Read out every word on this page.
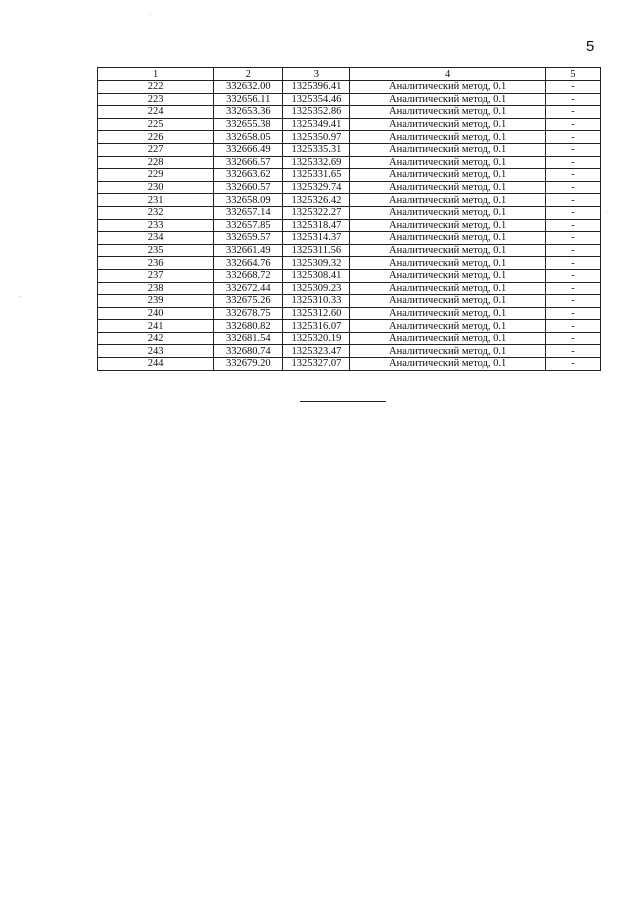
5
1	2	3	4	5
222	332632.00	1325396.41	Аналитический метод, 0.1	-
223	332656.11	1325354.46	Аналитический метод, 0.1	-
224	332653.36	1325352.86	Аналитический метод, 0.1	-
225	332655.38	1325349.41	Аналитический метод, 0.1	-
226	332658.05	1325350.97	Аналитический метод, 0.1	-
227	332666.49	1325335.31	Аналитический метод, 0.1	-
228	332666.57	1325332.69	Аналитический метод, 0.1	-
229	332663.62	1325331.65	Аналитический метод, 0.1	-
230	332660.57	1325329.74	Аналитический метод, 0.1	-
231	332658.09	1325326.42	Аналитический метод, 0.1	-
232	332657.14	1325322.27	Аналитический метод, 0.1	-
233	332657.85	1325318.47	Аналитический метод, 0.1	-
234	332659.57	1325314.37	Аналитический метод, 0.1	-
235	332661.49	1325311.56	Аналитический метод, 0.1	-
236	332664.76	1325309.32	Аналитический метод, 0.1	-
237	332668.72	1325308.41	Аналитический метод, 0.1	-
238	332672.44	1325309.23	Аналитический метод, 0.1	-
239	332675.26	1325310.33	Аналитический метод, 0.1	-
240	332678.75	1325312.60	Аналитический метод, 0.1	-
241	332680.82	1325316.07	Аналитический метод, 0.1	-
242	332681.54	1325320.19	Аналитический метод, 0.1	-
243	332680.74	1325323.47	Аналитический метод, 0.1	-
244	332679.20	1325327.07	Аналитический метод, 0.1	-
